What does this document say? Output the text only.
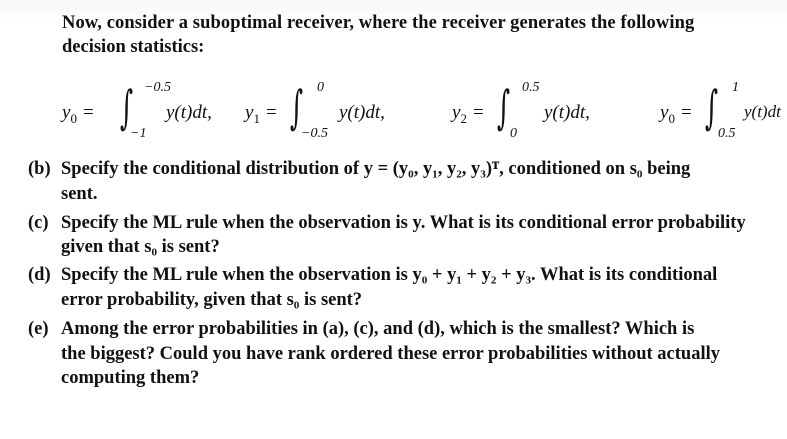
Now, consider a suboptimal receiver, where the receiver generates the following
decision statistics:
$y_0$ = ∫ −0.5
−1
y(t)dt, $y_1$ = ∫ 0
−0.5
y(t)dt,	$y_2$ = ∫ 0.5
0
y(t)dt,	$y_0$ = ∫ 1
0.5
y(t)dt
(b) Specify the conditional distribution of y = (y₀, y₁, y₂, y₃)ᵀ, conditioned on s₀ being
sent.
(c) Specify the ML rule when the observation is y. What is its conditional error probability
given that s₀ is sent?
(d) Specify the ML rule when the observation is y₀ + y₁ + y₂ + y₃. What is its conditional
error probability, given that s₀ is sent?
(e) Among the error probabilities in (a), (c), and (d), which is the smallest? Which is
the biggest? Could you have rank ordered these error probabilities without actually
computing them?
